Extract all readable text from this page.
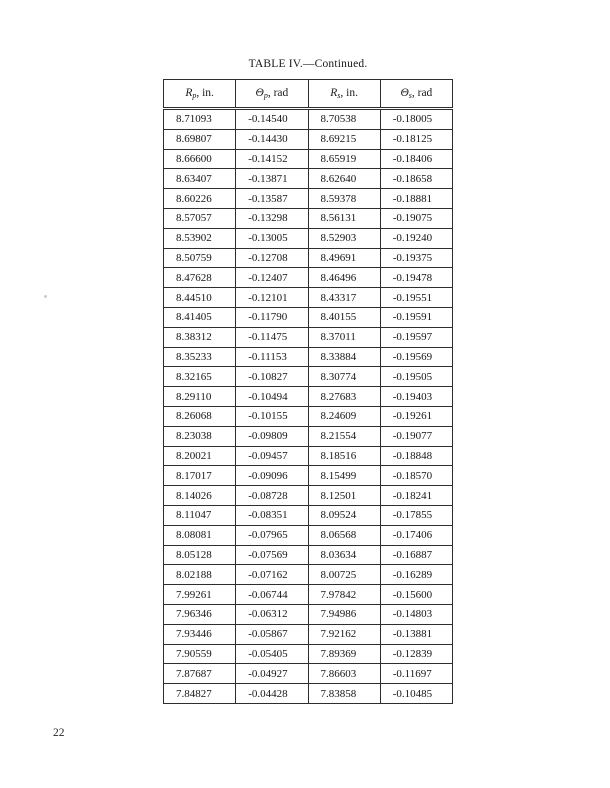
TABLE IV.—Continued.
Rp, in.	Θp, rad	Rs, in.	Θs, rad
8.71093	-0.14540	8.70538	-0.18005
8.69807	-0.14430	8.69215	-0.18125
8.66600	-0.14152	8.65919	-0.18406
8.63407	-0.13871	8.62640	-0.18658
8.60226	-0.13587	8.59378	-0.18881
8.57057	-0.13298	8.56131	-0.19075
8.53902	-0.13005	8.52903	-0.19240
8.50759	-0.12708	8.49691	-0.19375
8.47628	-0.12407	8.46496	-0.19478
8.44510	-0.12101	8.43317	-0.19551
8.41405	-0.11790	8.40155	-0.19591
8.38312	-0.11475	8.37011	-0.19597
8.35233	-0.11153	8.33884	-0.19569
8.32165	-0.10827	8.30774	-0.19505
8.29110	-0.10494	8.27683	-0.19403
8.26068	-0.10155	8.24609	-0.19261
8.23038	-0.09809	8.21554	-0.19077
8.20021	-0.09457	8.18516	-0.18848
8.17017	-0.09096	8.15499	-0.18570
8.14026	-0.08728	8.12501	-0.18241
8.11047	-0.08351	8.09524	-0.17855
8.08081	-0.07965	8.06568	-0.17406
8.05128	-0.07569	8.03634	-0.16887
8.02188	-0.07162	8.00725	-0.16289
7.99261	-0.06744	7.97842	-0.15600
7.96346	-0.06312	7.94986	-0.14803
7.93446	-0.05867	7.92162	-0.13881
7.90559	-0.05405	7.89369	-0.12839
7.87687	-0.04927	7.86603	-0.11697
7.84827	-0.04428	7.83858	-0.10485
22
